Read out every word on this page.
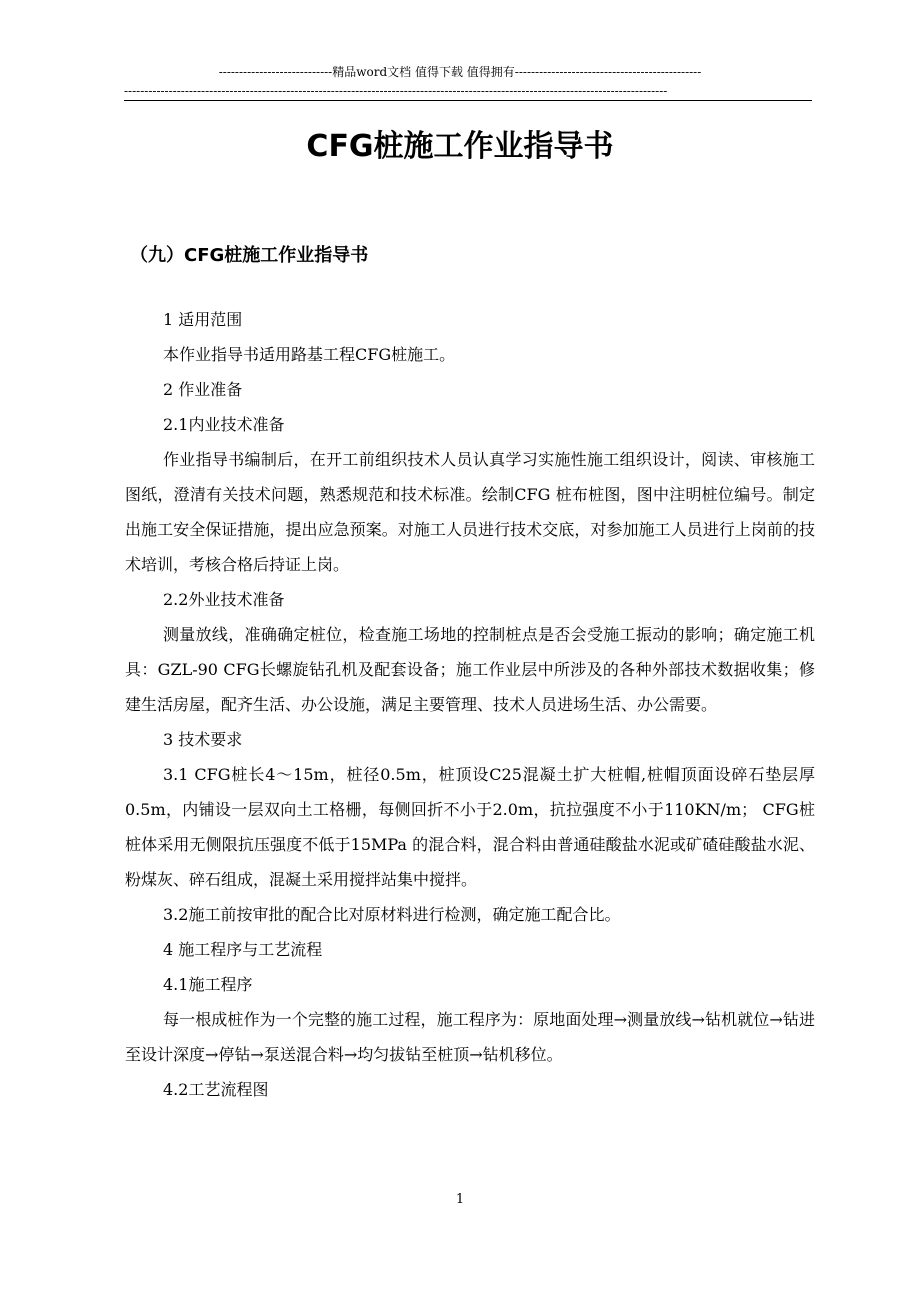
----------------------------精品word文档 值得下载 值得拥有----------------------------------------------
--------------------------------------------------------------------------------------------------------------------------------------
CFG桩施工作业指导书
（九）CFG桩施工作业指导书

1 适用范围

本作业指导书适用路基工程CFG桩施工。

2 作业准备

2.1内业技术准备

作业指导书编制后，在开工前组织技术人员认真学习实施性施工组织设计，阅读、审核施工图纸，澄清有关技术问题，熟悉规范和技术标准。绘制CFG 桩布桩图，图中注明桩位编号。制定出施工安全保证措施，提出应急预案。对施工人员进行技术交底，对参加施工人员进行上岗前的技术培训，考核合格后持证上岗。

2.2外业技术准备

测量放线，准确确定桩位，检查施工场地的控制桩点是否会受施工振动的影响；确定施工机具：GZL-90 CFG长螺旋钻孔机及配套设备；施工作业层中所涉及的各种外部技术数据收集；修建生活房屋，配齐生活、办公设施，满足主要管理、技术人员进场生活、办公需要。

3 技术要求

3.1 CFG桩长4～15m，桩径0.5m，桩顶设C25混凝土扩大桩帽,桩帽顶面设碎石垫层厚0.5m，内铺设一层双向土工格栅，每侧回折不小于2.0m，抗拉强度不小于110KN/m； CFG桩桩体采用无侧限抗压强度不低于15MPa 的混合料，混合料由普通硅酸盐水泥或矿碴硅酸盐水泥、粉煤灰、碎石组成，混凝土采用搅拌站集中搅拌。

3.2施工前按审批的配合比对原材料进行检测，确定施工配合比。

4 施工程序与工艺流程

4.1施工程序

每一根成桩作为一个完整的施工过程，施工程序为：原地面处理→测量放线→钻机就位→钻进至设计深度→停钻→泵送混合料→均匀拔钻至桩顶→钻机移位。

4.2工艺流程图

1
